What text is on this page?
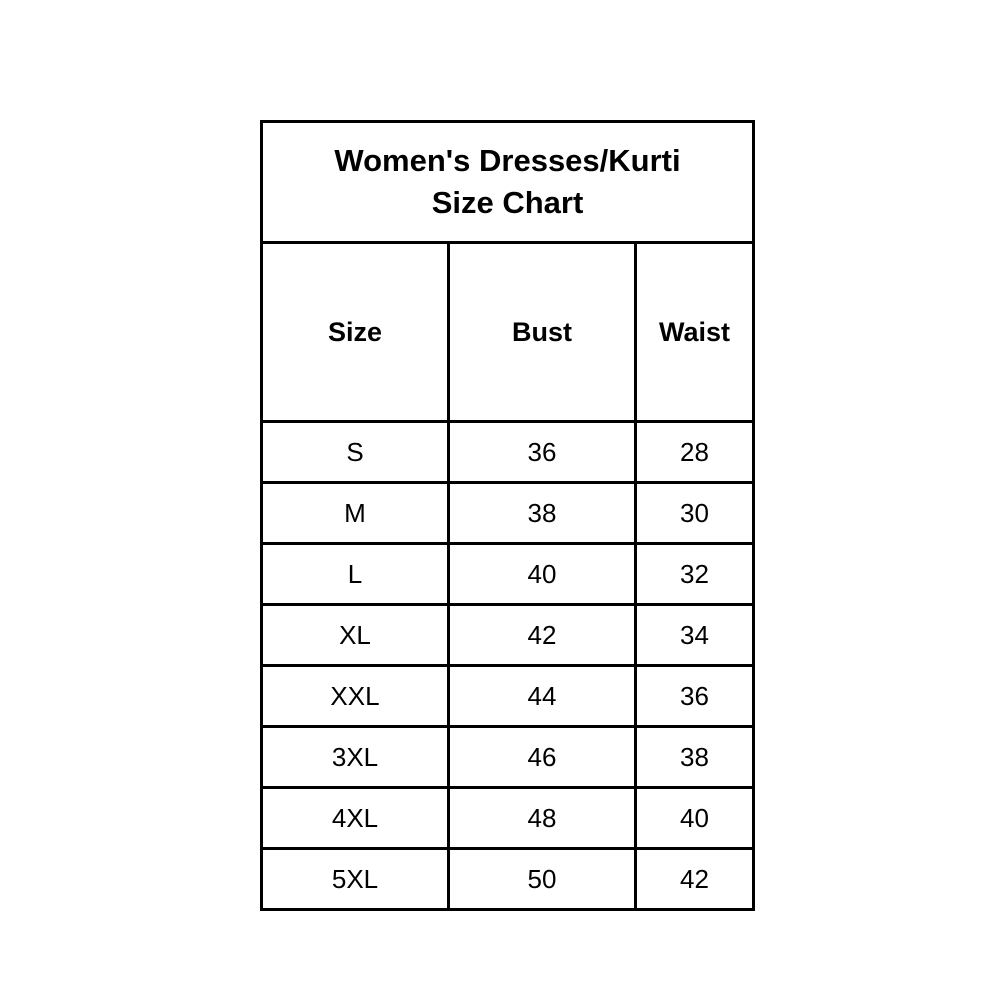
Women's Dresses/Kurti
Size Chart		
Size	Bust	Waist
S	36	28
M	38	30
L	40	32
XL	42	34
XXL	44	36
3XL	46	38
4XL	48	40
5XL	50	42
